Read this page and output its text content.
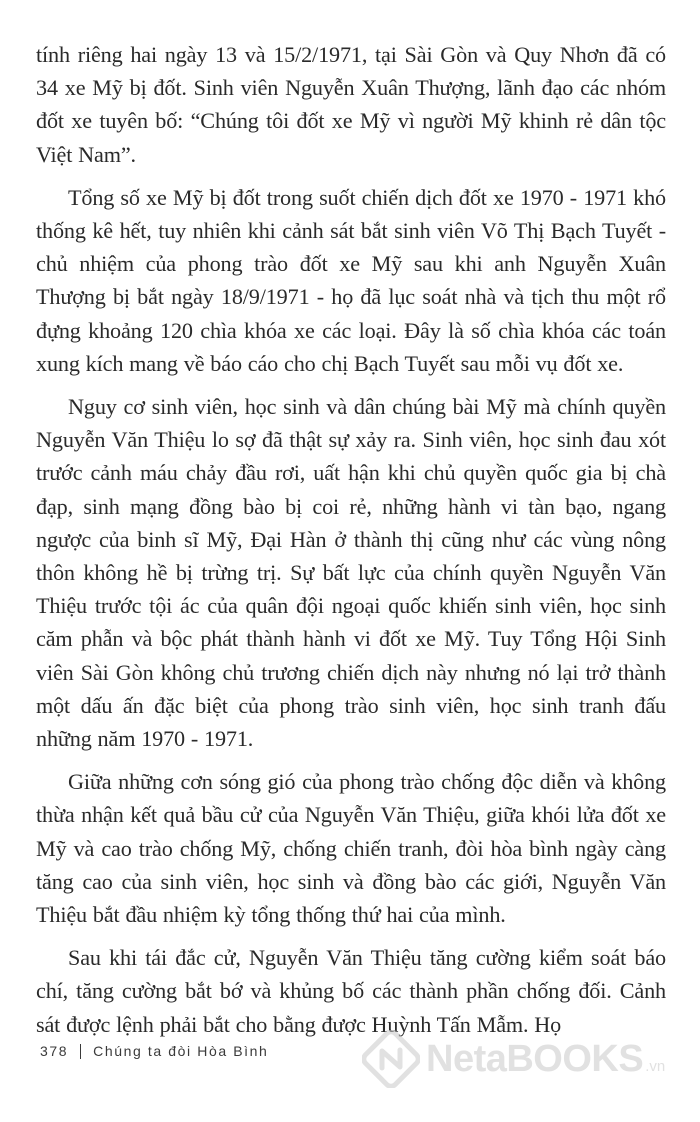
tính riêng hai ngày 13 và 15/2/1971, tại Sài Gòn và Quy Nhơn đã có 34 xe Mỹ bị đốt. Sinh viên Nguyễn Xuân Thượng, lãnh đạo các nhóm đốt xe tuyên bố: “Chúng tôi đốt xe Mỹ vì người Mỹ khinh rẻ dân tộc Việt Nam”.

Tổng số xe Mỹ bị đốt trong suốt chiến dịch đốt xe 1970 - 1971 khó thống kê hết, tuy nhiên khi cảnh sát bắt sinh viên Võ Thị Bạch Tuyết - chủ nhiệm của phong trào đốt xe Mỹ sau khi anh Nguyễn Xuân Thượng bị bắt ngày 18/9/1971 - họ đã lục soát nhà và tịch thu một rổ đựng khoảng 120 chìa khóa xe các loại. Đây là số chìa khóa các toán xung kích mang về báo cáo cho chị Bạch Tuyết sau mỗi vụ đốt xe.

Nguy cơ sinh viên, học sinh và dân chúng bài Mỹ mà chính quyền Nguyễn Văn Thiệu lo sợ đã thật sự xảy ra. Sinh viên, học sinh đau xót trước cảnh máu chảy đầu rơi, uất hận khi chủ quyền quốc gia bị chà đạp, sinh mạng đồng bào bị coi rẻ, những hành vi tàn bạo, ngang ngược của binh sĩ Mỹ, Đại Hàn ở thành thị cũng như các vùng nông thôn không hề bị trừng trị. Sự bất lực của chính quyền Nguyễn Văn Thiệu trước tội ác của quân đội ngoại quốc khiến sinh viên, học sinh căm phẫn và bộc phát thành hành vi đốt xe Mỹ. Tuy Tổng Hội Sinh viên Sài Gòn không chủ trương chiến dịch này nhưng nó lại trở thành một dấu ấn đặc biệt của phong trào sinh viên, học sinh tranh đấu những năm 1970 - 1971.

Giữa những cơn sóng gió của phong trào chống độc diễn và không thừa nhận kết quả bầu cử của Nguyễn Văn Thiệu, giữa khói lửa đốt xe Mỹ và cao trào chống Mỹ, chống chiến tranh, đòi hòa bình ngày càng tăng cao của sinh viên, học sinh và đồng bào các giới, Nguyễn Văn Thiệu bắt đầu nhiệm kỳ tổng thống thứ hai của mình.

Sau khi tái đắc cử, Nguyễn Văn Thiệu tăng cường kiểm soát báo chí, tăng cường bắt bớ và khủng bố các thành phần chống đối. Cảnh sát được lệnh phải bắt cho bằng được Huỳnh Tấn Mẫm. Họ

378 Chúng ta đòi Hòa Bình	NetaBOOKS .vn
